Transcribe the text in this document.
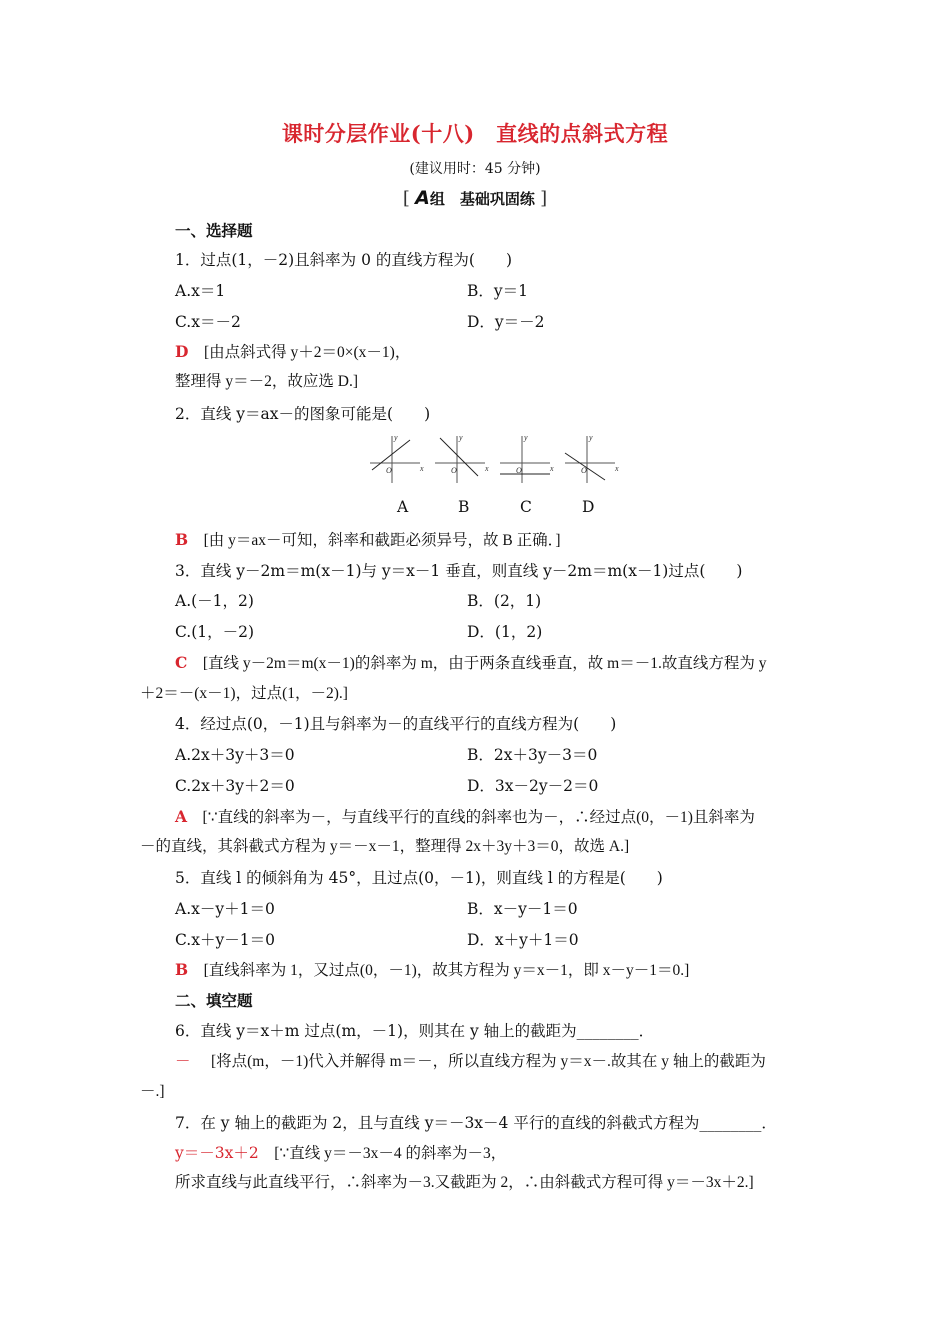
课时分层作业(十八)　直线的点斜式方程
(建议用时：45 分钟)
[ A组　基础巩固练 ]
一、选择题
1．过点(1，－2)且斜率为 0 的直线方程为(　　)
A.x＝1	B．y＝1
C.x＝－2	D．y＝－2
D　 [由点斜式得 y＋2＝0×(x－1)，
整理得 y＝－2，故应选 D.]
2．直线 y＝ax－的图象可能是(　　)
y
x
O
y
x
O
y
x
O
y
x
O
A	B	C	D
B　 [由 y＝ax－可知，斜率和截距必须异号，故 B 正确．]
3．直线 y－2m＝m(x－1)与 y＝x－1 垂直，则直线 y－2m＝m(x－1)过点(　　)
A.(－1，2)	B．(2，1)
C.(1，－2)	D．(1，2)
C　 [直线 y－2m＝m(x－1)的斜率为 m，由于两条直线垂直，故 m＝－1.故直线方程为 y
＋2＝－(x－1)，过点(1，－2).]
4．经过点(0，－1)且与斜率为－的直线平行的直线方程为(　　)
A.2x＋3y＋3＝0	B．2x＋3y－3＝0
C.2x＋3y＋2＝0	D．3x－2y－2＝0
A　 [∵直线的斜率为－，与直线平行的直线的斜率也为－，∴经过点(0，－1)且斜率为
－的直线，其斜截式方程为 y＝－x－1，整理得 2x＋3y＋3＝0，故选 A.]
5．直线 l 的倾斜角为 45°，且过点(0，－1)，则直线 l 的方程是(　　)
A.x－y＋1＝0	B．x－y－1＝0
C.x＋y－1＝0	D．x＋y＋1＝0
B　 [直线斜率为 1，又过点(0，－1)，故其方程为 y＝x－1，即 x－y－1＝0.]
二、填空题
6．直线 y＝x＋m 过点(m，－1)，则其在 y 轴上的截距为________．
－　 [将点(m，－1)代入并解得 m＝－，所以直线方程为 y＝x－.故其在 y 轴上的截距为
－.]
7．在 y 轴上的截距为 2，且与直线 y＝－3x－4 平行的直线的斜截式方程为________．
y＝－3x＋2　 [∵直线 y＝－3x－4 的斜率为－3，
所求直线与此直线平行，∴斜率为－3.又截距为 2，∴由斜截式方程可得 y＝－3x＋2.]
